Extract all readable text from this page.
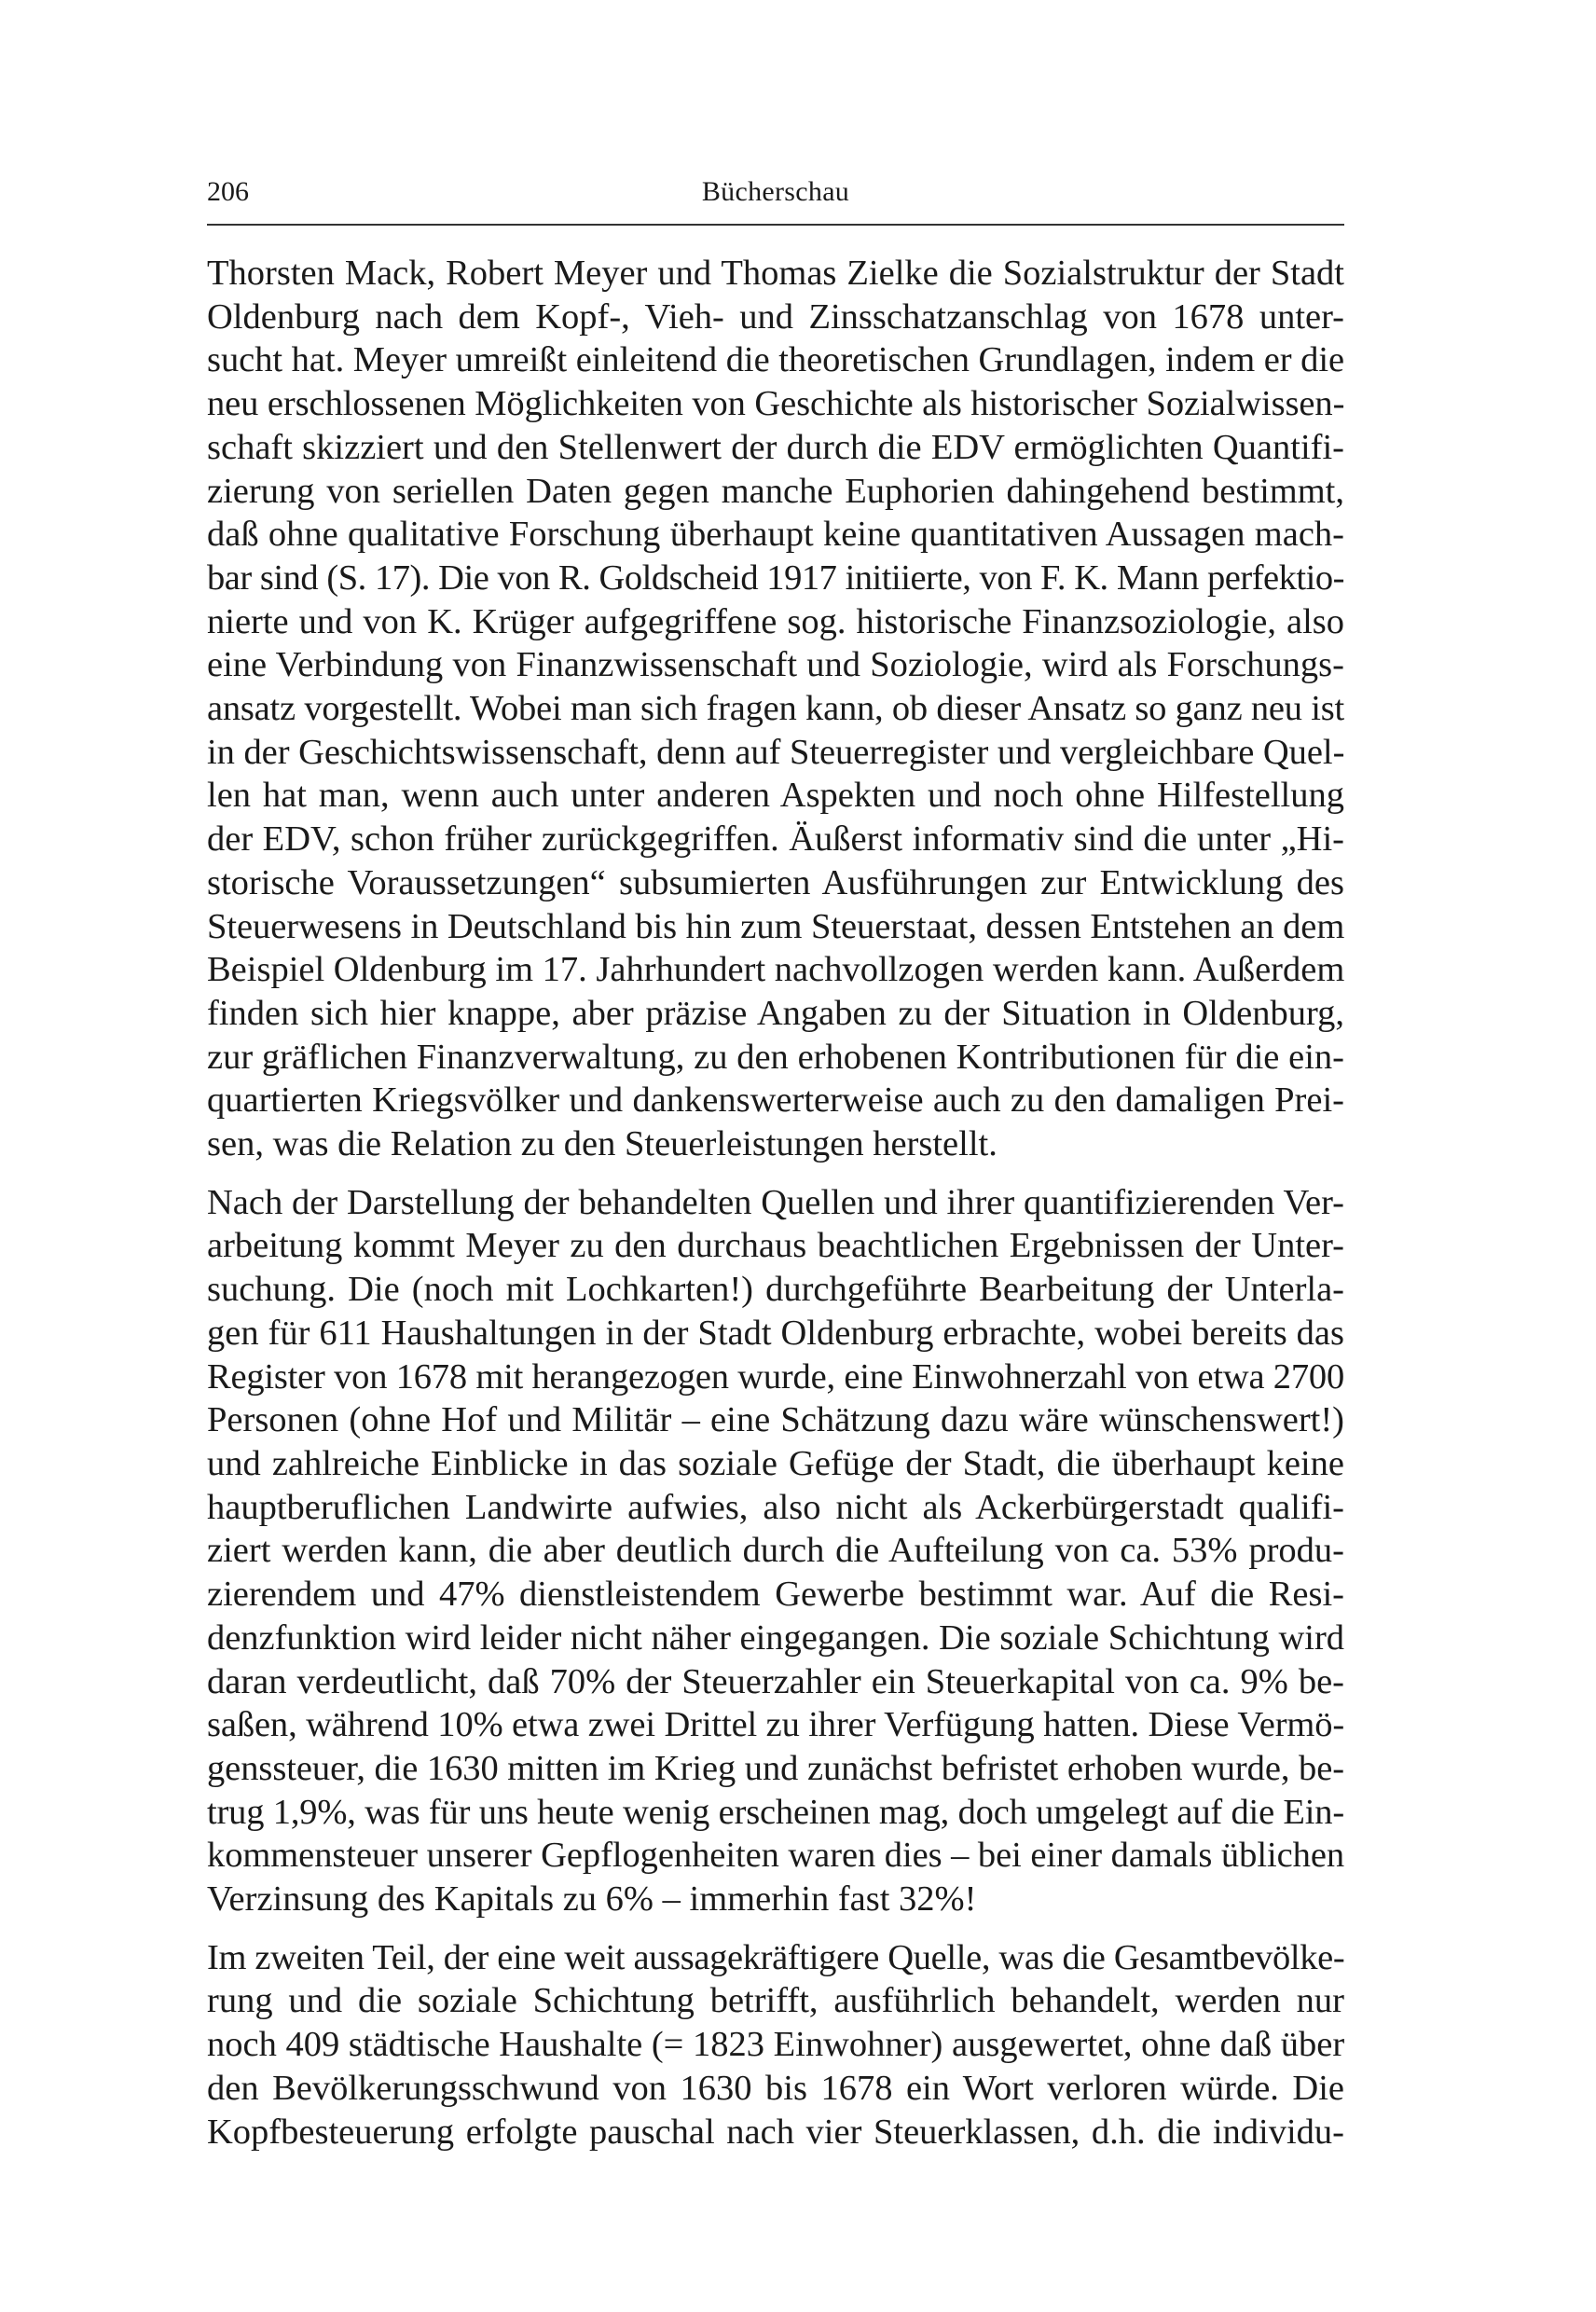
206	Bücherschau

Thorsten Mack, Robert Meyer und Thomas Zielke die Sozialstruktur der Stadt
Oldenburg nach dem Kopf-, Vieh- und Zinsschatzanschlag von 1678 unter-
sucht hat. Meyer umreißt einleitend die theoretischen Grundlagen, indem er die
neu erschlossenen Möglichkeiten von Geschichte als historischer Sozialwissen-
schaft skizziert und den Stellenwert der durch die EDV ermöglichten Quantifi-
zierung von seriellen Daten gegen manche Euphorien dahingehend bestimmt,
daß ohne qualitative Forschung überhaupt keine quantitativen Aussagen mach-
bar sind (S. 17). Die von R. Goldscheid 1917 initiierte, von F. K. Mann perfektio-
nierte und von K. Krüger aufgegriffene sog. historische Finanzsoziologie, also
eine Verbindung von Finanzwissenschaft und Soziologie, wird als Forschungs-
ansatz vorgestellt. Wobei man sich fragen kann, ob dieser Ansatz so ganz neu ist
in der Geschichtswissenschaft, denn auf Steuerregister und vergleichbare Quel-
len hat man, wenn auch unter anderen Aspekten und noch ohne Hilfestellung
der EDV, schon früher zurückgegriffen. Äußerst informativ sind die unter „Hi-
storische Voraussetzungen“ subsumierten Ausführungen zur Entwicklung des
Steuerwesens in Deutschland bis hin zum Steuerstaat, dessen Entstehen an dem
Beispiel Oldenburg im 17. Jahrhundert nachvollzogen werden kann. Außerdem
finden sich hier knappe, aber präzise Angaben zu der Situation in Oldenburg,
zur gräflichen Finanzverwaltung, zu den erhobenen Kontributionen für die ein-
quartierten Kriegsvölker und dankenswerterweise auch zu den damaligen Prei-
sen, was die Relation zu den Steuerleistungen herstellt.

Nach der Darstellung der behandelten Quellen und ihrer quantifizierenden Ver-
arbeitung kommt Meyer zu den durchaus beachtlichen Ergebnissen der Unter-
suchung. Die (noch mit Lochkarten!) durchgeführte Bearbeitung der Unterla-
gen für 611 Haushaltungen in der Stadt Oldenburg erbrachte, wobei bereits das
Register von 1678 mit herangezogen wurde, eine Einwohnerzahl von etwa 2700
Personen (ohne Hof und Militär – eine Schätzung dazu wäre wünschenswert!)
und zahlreiche Einblicke in das soziale Gefüge der Stadt, die überhaupt keine
hauptberuflichen Landwirte aufwies, also nicht als Ackerbürgerstadt qualifi-
ziert werden kann, die aber deutlich durch die Aufteilung von ca. 53% produ-
zierendem und 47% dienstleistendem Gewerbe bestimmt war. Auf die Resi-
denzfunktion wird leider nicht näher eingegangen. Die soziale Schichtung wird
daran verdeutlicht, daß 70% der Steuerzahler ein Steuerkapital von ca. 9% be-
saßen, während 10% etwa zwei Drittel zu ihrer Verfügung hatten. Diese Vermö-
genssteuer, die 1630 mitten im Krieg und zunächst befristet erhoben wurde, be-
trug 1,9%, was für uns heute wenig erscheinen mag, doch umgelegt auf die Ein-
kommensteuer unserer Gepflogenheiten waren dies – bei einer damals üblichen
Verzinsung des Kapitals zu 6% – immerhin fast 32%!

Im zweiten Teil, der eine weit aussagekräftigere Quelle, was die Gesamtbevölke-
rung und die soziale Schichtung betrifft, ausführlich behandelt, werden nur
noch 409 städtische Haushalte (= 1823 Einwohner) ausgewertet, ohne daß über
den Bevölkerungsschwund von 1630 bis 1678 ein Wort verloren würde. Die
Kopfbesteuerung erfolgte pauschal nach vier Steuerklassen, d.h. die individu-
